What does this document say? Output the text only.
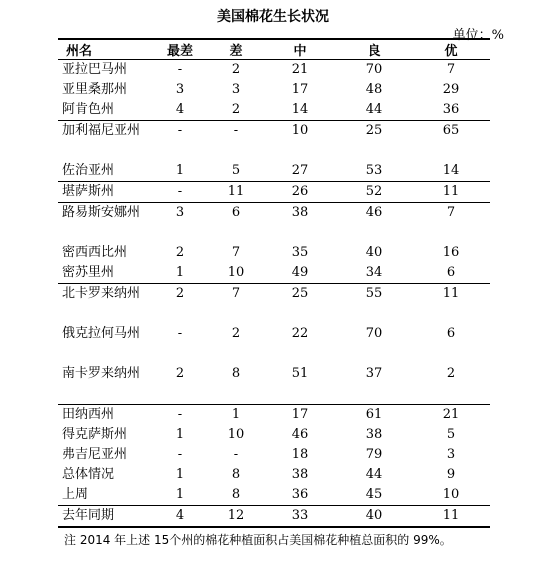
美国棉花生长状况
单位：%
州名	最差	差	中	良	优
亚拉巴马州	-	2	21	70	7
亚里桑那州	3	3	17	48	29
阿肯色州	4	2	14	44	36
加利福尼亚州	-	-	10	25	65
佐治亚州	1	5	27	53	14
堪萨斯州	-	11	26	52	11
路易斯安娜州	3	6	38	46	7
密西西比州	2	7	35	40	16
密苏里州	1	10	49	34	6
北卡罗来纳州	2	7	25	55	11
俄克拉何马州	-	2	22	70	6
南卡罗来纳州	2	8	51	37	2
田纳西州	-	1	17	61	21
得克萨斯州	1	10	46	38	5
弗吉尼亚州	-	-	18	79	3
总体情况	1	8	38	44	9
上周	1	8	36	45	10
去年同期	4	12	33	40	11
注 2014 年上述 15个州的棉花种植面积占美国棉花种植总面积的 99%。
